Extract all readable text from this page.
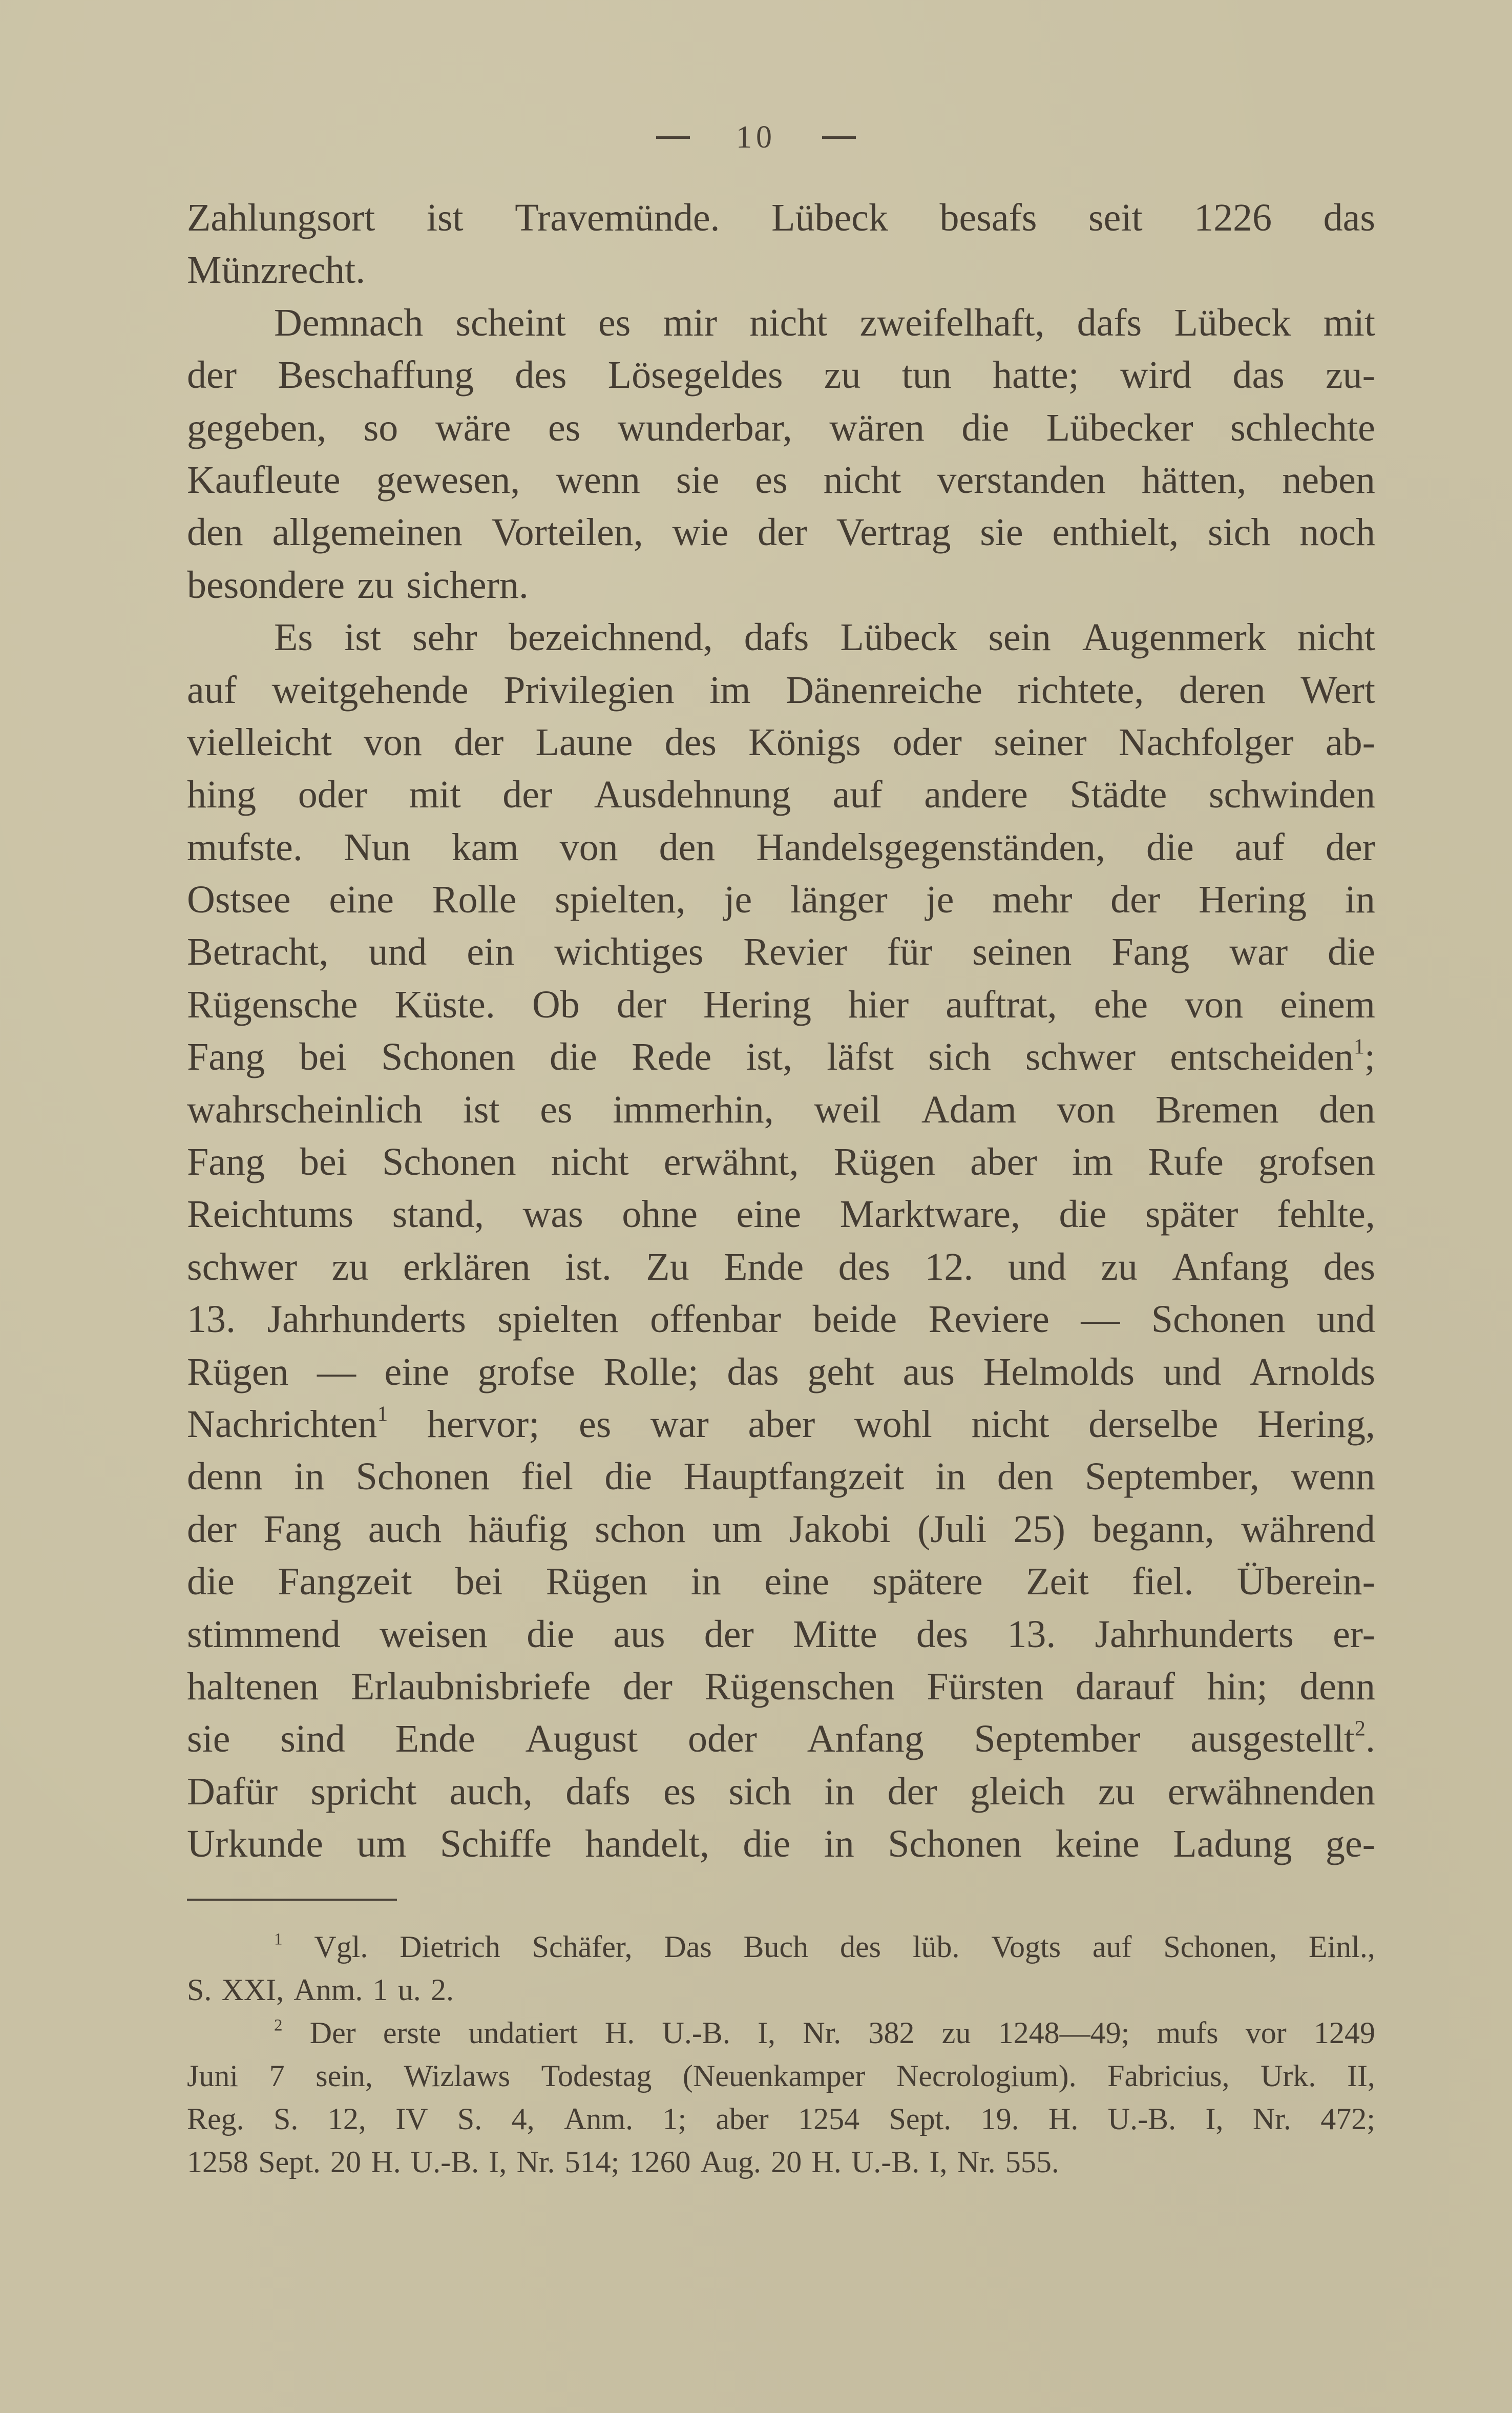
10
Zahlungsort ist Travemünde. Lübeck besafs seit 1226 das
Münzrecht.
Demnach scheint es mir nicht zweifelhaft, dafs Lübeck mit
der Beschaffung des Lösegeldes zu tun hatte; wird das zu-
gegeben, so wäre es wunderbar, wären die Lübecker schlechte
Kaufleute gewesen, wenn sie es nicht verstanden hätten, neben
den allgemeinen Vorteilen, wie der Vertrag sie enthielt, sich noch
besondere zu sichern.
Es ist sehr bezeichnend, dafs Lübeck sein Augenmerk nicht
auf weitgehende Privilegien im Dänenreiche richtete, deren Wert
vielleicht von der Laune des Königs oder seiner Nachfolger ab-
hing oder mit der Ausdehnung auf andere Städte schwinden
mufste. Nun kam von den Handelsgegenständen, die auf der
Ostsee eine Rolle spielten, je länger je mehr der Hering in
Betracht, und ein wichtiges Revier für seinen Fang war die
Rügensche Küste. Ob der Hering hier auftrat, ehe von einem
Fang bei Schonen die Rede ist, läfst sich schwer entscheiden$^1$;
wahrscheinlich ist es immerhin, weil Adam von Bremen den
Fang bei Schonen nicht erwähnt, Rügen aber im Rufe grofsen
Reichtums stand, was ohne eine Marktware, die später fehlte,
schwer zu erklären ist. Zu Ende des 12. und zu Anfang des
13. Jahrhunderts spielten offenbar beide Reviere — Schonen und
Rügen — eine grofse Rolle; das geht aus Helmolds und Arnolds
Nachrichten$^1$ hervor; es war aber wohl nicht derselbe Hering,
denn in Schonen fiel die Hauptfangzeit in den September, wenn
der Fang auch häufig schon um Jakobi (Juli 25) begann, während
die Fangzeit bei Rügen in eine spätere Zeit fiel. Überein-
stimmend weisen die aus der Mitte des 13. Jahrhunderts er-
haltenen Erlaubnisbriefe der Rügenschen Fürsten darauf hin; denn
sie sind Ende August oder Anfang September ausgestellt$^2$.
Dafür spricht auch, dafs es sich in der gleich zu erwähnenden
Urkunde um Schiffe handelt, die in Schonen keine Ladung ge-
$^1$ Vgl. Dietrich Schäfer, Das Buch des lüb. Vogts auf Schonen, Einl.,
S. XXI, Anm. 1 u. 2.
$^2$ Der erste undatiert H. U.-B. I, Nr. 382 zu 1248—49; mufs vor 1249
Juni 7 sein, Wizlaws Todestag (Neuenkamper Necrologium). Fabricius, Urk. II,
Reg. S. 12, IV S. 4, Anm. 1; aber 1254 Sept. 19. H. U.-B. I, Nr. 472;
1258 Sept. 20 H. U.-B. I, Nr. 514; 1260 Aug. 20 H. U.-B. I, Nr. 555.
